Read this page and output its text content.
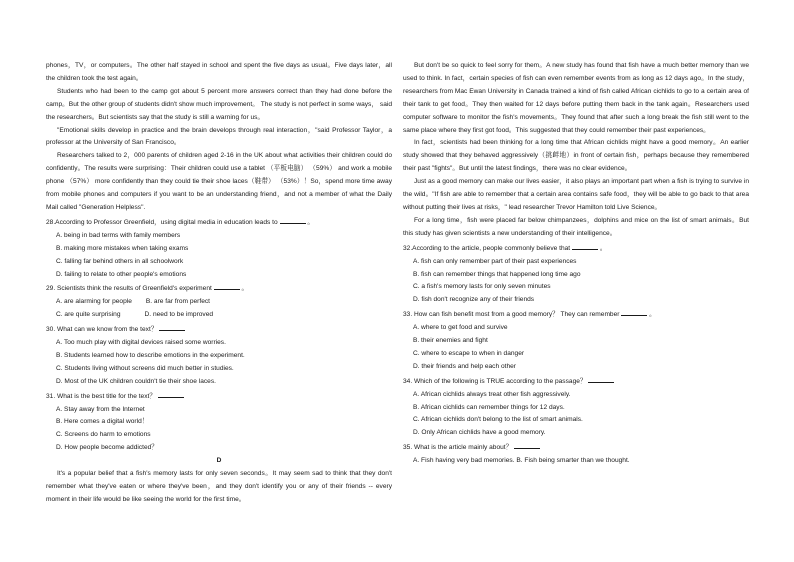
phones，TV，or computers。The other half stayed in school and spent the five days as usual。Five days later，all the children took the test again。

Students who had been to the camp got about 5 percent more answers correct than they had done before the camp。But the other group of students didn't show much improvement。 The study is not perfect in some ways， said the researchers。But scientists say that the study is still a warning for us。

"Emotional skills develop in practice and the brain develops through real interaction，"said Professor Taylor，a professor at the University of San Francisco。

Researchers talked to 2，000 parents of children aged 2-16 in the UK about what activities their children could do confidently。The results were surprising：Their children could use a tablet （平板电脑） （59%） and work a mobile phone （57%） more confidently than they could tie their shoe laces（鞋带） （53%）！So，spend more time away from mobile phones and computers if you want to be an understanding friend，and not a member of what the Daily Mail called "Generation Helpless".

28.According to Professor Greenfield，using digital media in education leads to	。

A. being in bad terms with family members

B. making more mistakes when taking exams

C. falling far behind others in all schoolwork

D. failing to relate to other people's emotions

29. Scientists think the results of Greenfield's experiment	。

A. are alarming for people B. are far from perfect

C. are quite surprising	D. need to be improved

30. What can we know from the text？

A. Too much play with digital devices raised some worries.

B. Students learned how to describe emotions in the experiment.

C. Students living without screens did much better in studies.

D. Most of the UK children couldn't tie their shoe laces.

31. What is the best title for the text？

A. Stay away from the Internet

B. Here comes a digital world！

C. Screens do harm to emotions

D. How people become addicted？

D

It's a popular belief that a fish's memory lasts for only seven seconds。It may seem sad to think that they don't remember what they've eaten or where they've been，and they don't identify you or any of their friends -- every moment in their life would be like seeing the world for the first time。

But don't be so quick to feel sorry for them。A new study has found that fish have a much better memory than we used to think. In fact，certain species of fish can even remember events from as long as 12 days ago。In the study，researchers from Mac Ewan University in Canada trained a kind of fish called African cichlids to go to a certain area of their tank to get food。They then waited for 12 days before putting them back in the tank again。Researchers used computer software to monitor the fish's movements。They found that after such a long break the fish still went to the same place where they first got food。This suggested that they could remember their past experiences。

In fact，scientists had been thinking for a long time that African cichlids might have a good memory。An earlier study showed that they behaved aggressively（挑衅地）in front of certain fish，perhaps because they remembered their past "fights"。But until the latest findings，there was no clear evidence。

Just as a good memory can make our lives easier，it also plays an important part when a fish is trying to survive in the wild。"If fish are able to remember that a certain area contains safe food，they will be able to go back to that area without putting their lives at risks，" lead researcher Trevor Hamilton told Live Science。

For a long time，fish were placed far below chimpanzees，dolphins and mice on the list of smart animals。But this study has given scientists a new understanding of their intelligence。

32.According to the article, people commonly believe that	。

A. fish can only remember part of their past experiences

B. fish can remember things that happened long time ago

C. a fish's memory lasts for only seven minutes

D. fish don't recognize any of their friends

33. How can fish benefit most from a good memory？ They can remember	。

A. where to get food and survive

B. their enemies and fight

C. where to escape to when in danger

D. their friends and help each other

34. Which of the following is TRUE according to the passage？

A. African cichlids always treat other fish aggressively.

B. African cichlids can remember things for 12 days.

C. African cichlids don't belong to the list of smart animals.

D. Only African cichlids have a good memory.

35. What is the article mainly about？

A. Fish having very bad memories. B. Fish being smarter than we thought.
